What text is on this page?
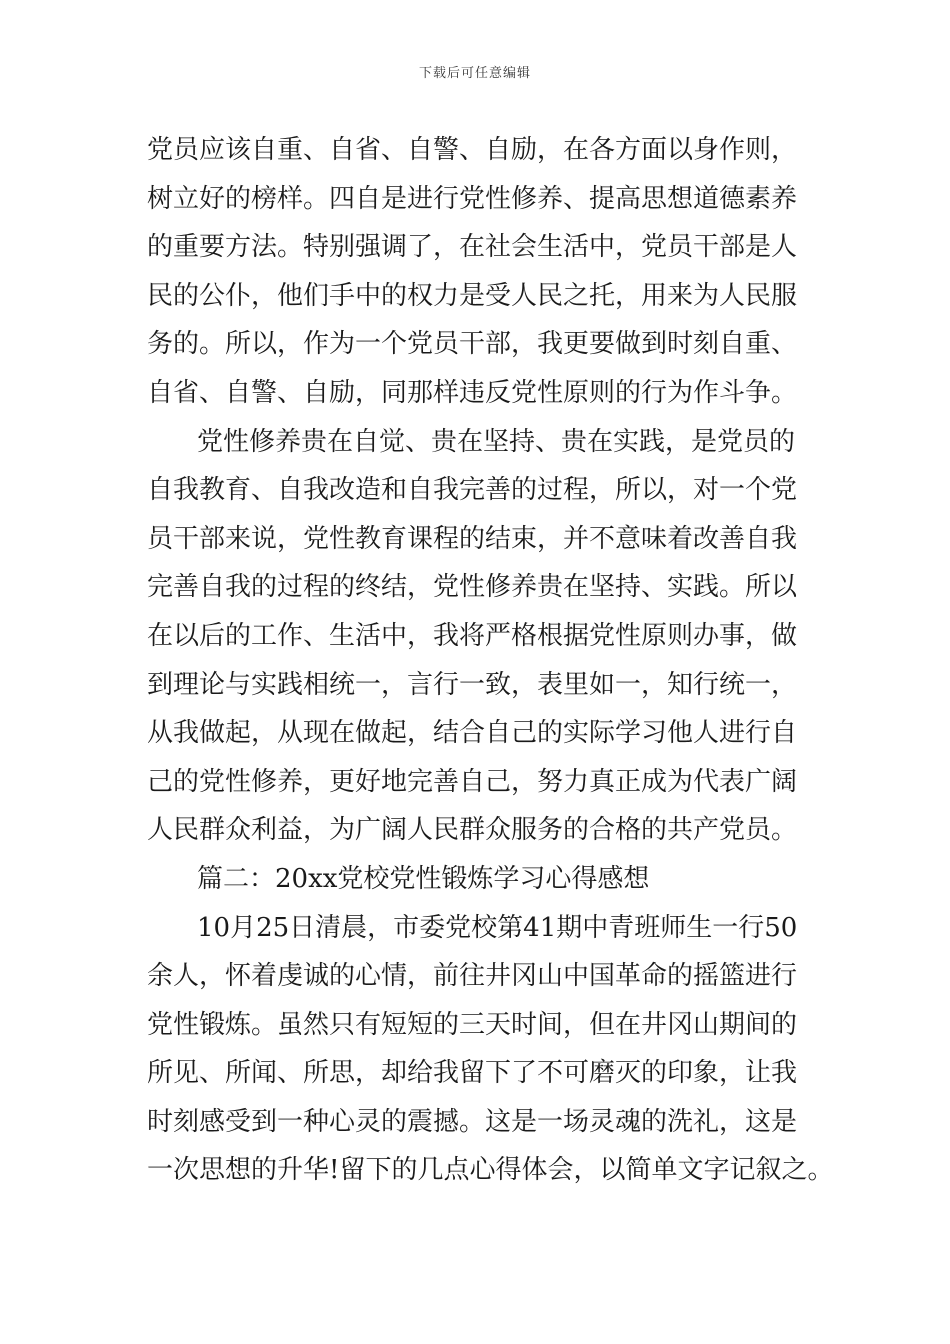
下载后可任意编辑
党员应该自重、自省、自警、自励，在各方面以身作则，
树立好的榜样。四自是进行党性修养、提高思想道德素养
的重要方法。特别强调了，在社会生活中，党员干部是人
民的公仆，他们手中的权力是受人民之托，用来为人民服
务的。所以，作为一个党员干部，我更要做到时刻自重、
自省、自警、自励，同那样违反党性原则的行为作斗争。
党性修养贵在自觉、贵在坚持、贵在实践，是党员的
自我教育、自我改造和自我完善的过程，所以，对一个党
员干部来说，党性教育课程的结束，并不意味着改善自我
完善自我的过程的终结，党性修养贵在坚持、实践。所以
在以后的工作、生活中，我将严格根据党性原则办事，做
到理论与实践相统一，言行一致，表里如一，知行统一，
从我做起，从现在做起，结合自己的实际学习他人进行自
己的党性修养，更好地完善自己，努力真正成为代表广阔
人民群众利益，为广阔人民群众服务的合格的共产党员。
篇二：20xx党校党性锻炼学习心得感想
10月25日清晨，市委党校第41期中青班师生一行50
余人，怀着虔诚的心情，前往井冈山中国革命的摇篮进行
党性锻炼。虽然只有短短的三天时间，但在井冈山期间的
所见、所闻、所思，却给我留下了不可磨灭的印象，让我
时刻感受到一种心灵的震撼。这是一场灵魂的洗礼，这是
一次思想的升华!留下的几点心得体会，以简单文字记叙之。
